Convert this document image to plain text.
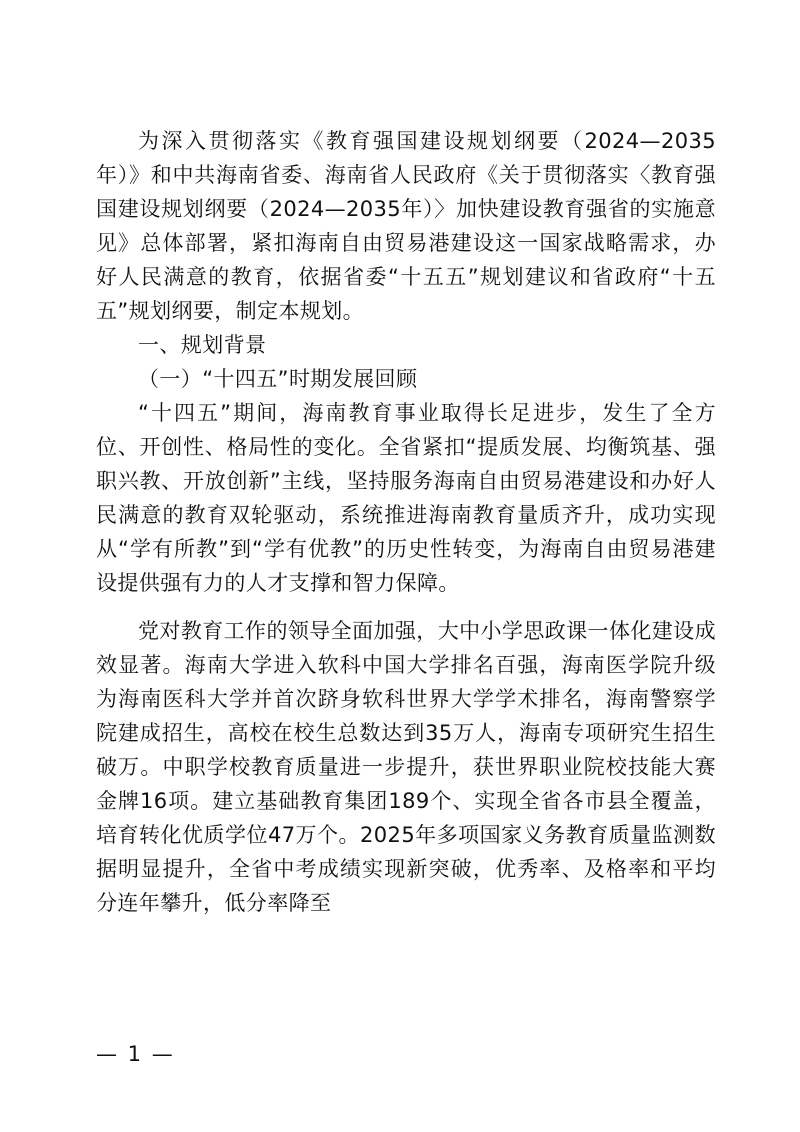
为深入贯彻落实《教育强国建设规划纲要（2024—2035年）》和中共海南省委、海南省人民政府《关于贯彻落实〈教育强国建设规划纲要（2024—2035年）〉加快建设教育强省的实施意见》总体部署，紧扣海南自由贸易港建设这一国家战略需求，办好人民满意的教育，依据省委“十五五”规划建议和省政府“十五五”规划纲要，制定本规划。

一、规划背景

（一）“十四五”时期发展回顾

“十四五”期间，海南教育事业取得长足进步，发生了全方位、开创性、格局性的变化。全省紧扣“提质发展、均衡筑基、强职兴教、开放创新”主线，坚持服务海南自由贸易港建设和办好人民满意的教育双轮驱动，系统推进海南教育量质齐升，成功实现从“学有所教”到“学有优教”的历史性转变，为海南自由贸易港建设提供强有力的人才支撑和智力保障。

党对教育工作的领导全面加强，大中小学思政课一体化建设成效显著。海南大学进入软科中国大学排名百强，海南医学院升级为海南医科大学并首次跻身软科世界大学学术排名，海南警察学院建成招生，高校在校生总数达到35万人，海南专项研究生招生破万。中职学校教育质量进一步提升，获世界职业院校技能大赛金牌16项。建立基础教育集团189个、实现全省各市县全覆盖，培育转化优质学位47万个。2025年多项国家义务教育质量监测数据明显提升，全省中考成绩实现新突破，优秀率、及格率和平均分连年攀升，低分率降至

— 1 —
